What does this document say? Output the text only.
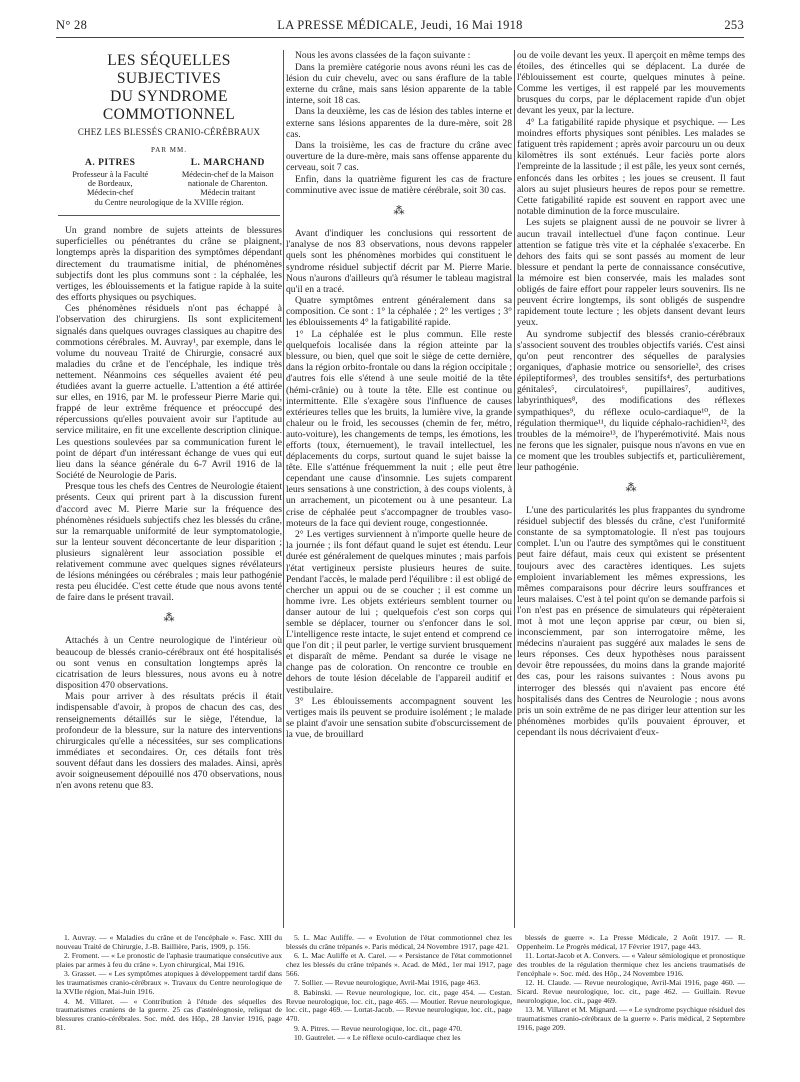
N° 28	LA PRESSE MÉDICALE, Jeudi, 16 Mai 1918	253
LES SÉQUELLES SUBJECTIVES
DU SYNDROME COMMOTIONNEL
CHEZ LES BLESSÉS CRANIO-CÉRÉBRAUX
PAR MM.
A. PITRES
Professeur à la Faculté
de Bordeaux,
Médecin-chef
L. MARCHAND
Médecin-chef de la Maison
nationale de Charenton.
Médecin traitant
du Centre neurologique de la XVIIIe région.

Un grand nombre de sujets atteints de blessures superficielles ou pénétrantes du crâne se plaignent, longtemps après la disparition des symptômes dépendant directement du traumatisme initial, de phénomènes subjectifs dont les plus communs sont : la céphalée, les vertiges, les éblouissements et la fatigue rapide à la suite des efforts physiques ou psychiques.

Ces phénomènes résiduels n'ont pas échappé à l'observation des chirurgiens. Ils sont explicitement signalés dans quelques ouvrages classiques au chapitre des commotions cérébrales. M. Auvray¹, par exemple, dans le volume du nouveau Traité de Chirurgie, consacré aux maladies du crâne et de l'encéphale, les indique très nettement. Néanmoins ces séquelles avaient été peu étudiées avant la guerre actuelle. L'attention a été attirée sur elles, en 1916, par M. le professeur Pierre Marie qui, frappé de leur extrême fréquence et préoccupé des répercussions qu'elles pouvaient avoir sur l'aptitude au service militaire, en fit une excellente description clinique. Les questions soulevées par sa communication furent le point de départ d'un intéressant échange de vues qui eut lieu dans la séance générale du 6-7 Avril 1916 de la Société de Neurologie de Paris.

Presque tous les chefs des Centres de Neurologie étaient présents. Ceux qui prirent part à la discussion furent d'accord avec M. Pierre Marie sur la fréquence des phénomènes résiduels subjectifs chez les blessés du crâne, sur la remarquable uniformité de leur symptomatologie, sur la lenteur souvent déconcertante de leur disparition ; plusieurs signalèrent leur association possible et relativement commune avec quelques signes révélateurs de lésions méningées ou cérébrales ; mais leur pathogénie resta peu élucidée. C'est cette étude que nous avons tenté de faire dans le présent travail.

⁂

Attachés à un Centre neurologique de l'intérieur où beaucoup de blessés cranio-cérébraux ont été hospitalisés ou sont venus en consultation longtemps après la cicatrisation de leurs blessures, nous avons eu à notre disposition 470 observations.

Mais pour arriver à des résultats précis il était indispensable d'avoir, à propos de chacun des cas, des renseignements détaillés sur le siège, l'étendue, la profondeur de la blessure, sur la nature des interventions chirurgicales qu'elle a nécessitées, sur ses complications immédiates et secondaires. Or, ces détails font très souvent défaut dans les dossiers des malades. Ainsi, après avoir soigneusement dépouillé nos 470 observations, nous n'en avons retenu que 83.

Nous les avons classées de la façon suivante :

Dans la première catégorie nous avons réuni les cas de lésion du cuir chevelu, avec ou sans éraflure de la table externe du crâne, mais sans lésion apparente de la table interne, soit 18 cas.

Dans la deuxième, les cas de lésion des tables interne et externe sans lésions apparentes de la dure-mère, soit 28 cas.

Dans la troisième, les cas de fracture du crâne avec ouverture de la dure-mère, mais sans offense apparente du cerveau, soit 7 cas.

Enfin, dans la quatrième figurent les cas de fracture comminutive avec issue de matière cérébrale, soit 30 cas.

⁂

Avant d'indiquer les conclusions qui ressortent de l'analyse de nos 83 observations, nous devons rappeler quels sont les phénomènes morbides qui constituent le syndrome résiduel subjectif décrit par M. Pierre Marie. Nous n'aurons d'ailleurs qu'à résumer le tableau magistral qu'il en a tracé.

Quatre symptômes entrent généralement dans sa composition. Ce sont : 1° la céphalée ; 2° les vertiges ; 3° les éblouissements 4° la fatigabilité rapide.

1° La céphalée est le plus commun. Elle reste quelquefois localisée dans la région atteinte par la blessure, ou bien, quel que soit le siège de cette dernière, dans la région orbito-frontale ou dans la région occipitale ; d'autres fois elle s'étend à une seule moitié de la tête (hémi-crânie) ou à toute la tête. Elle est continue ou intermittente. Elle s'exagère sous l'influence de causes extérieures telles que les bruits, la lumière vive, la grande chaleur ou le froid, les secousses (chemin de fer, métro, auto-voiture), les changements de temps, les émotions, les efforts (toux, éternuement), le travail intellectuel, les déplacements du corps, surtout quand le sujet baisse la tête. Elle s'atténue fréquemment la nuit ; elle peut être cependant une cause d'insomnie. Les sujets comparent leurs sensations à une constriction, à des coups violents, à un arrachement, un picotement ou à une pesanteur. La crise de céphalée peut s'accompagner de troubles vaso-moteurs de la face qui devient rouge, congestionnée.

2° Les vertiges surviennent à n'importe quelle heure de la journée ; ils font défaut quand le sujet est étendu. Leur durée est généralement de quelques minutes ; mais parfois l'état vertigineux persiste plusieurs heures de suite. Pendant l'accès, le malade perd l'équilibre : il est obligé de chercher un appui ou de se coucher ; il est comme un homme ivre. Les objets extérieurs semblent tourner ou danser autour de lui ; quelquefois c'est son corps qui semble se déplacer, tourner ou s'enfoncer dans le sol. L'intelligence reste intacte, le sujet entend et comprend ce que l'on dit ; il peut parler, le vertige survient brusquement et disparaît de même. Pendant sa durée le visage ne change pas de coloration. On rencontre ce trouble en dehors de toute lésion décelable de l'appareil auditif et vestibulaire.

3° Les éblouissements accompagnent souvent les vertiges mais ils peuvent se produire isolément ; le malade se plaint d'avoir une sensation subite d'obscurcissement de la vue, de brouillard

ou de voile devant les yeux. Il aperçoit en même temps des étoiles, des étincelles qui se déplacent. La durée de l'éblouissement est courte, quelques minutes à peine. Comme les vertiges, il est rappelé par les mouvements brusques du corps, par le déplacement rapide d'un objet devant les yeux, par la lecture.

4° La fatigabilité rapide physique et psychique. — Les moindres efforts physiques sont pénibles. Les malades se fatiguent très rapidement ; après avoir parcouru un ou deux kilomètres ils sont exténués. Leur faciès porte alors l'empreinte de la lassitude ; il est pâle, les yeux sont cernés, enfoncés dans les orbites ; les joues se creusent. Il faut alors au sujet plusieurs heures de repos pour se remettre. Cette fatigabilité rapide est souvent en rapport avec une notable diminution de la force musculaire.

Les sujets se plaignent aussi de ne pouvoir se livrer à aucun travail intellectuel d'une façon continue. Leur attention se fatigue très vite et la céphalée s'exacerbe. En dehors des faits qui se sont passés au moment de leur blessure et pendant la perte de connaissance consécutive, la mémoire est bien conservée, mais les malades sont obligés de faire effort pour rappeler leurs souvenirs. Ils ne peuvent écrire longtemps, ils sont obligés de suspendre rapidement toute lecture ; les objets dansent devant leurs yeux.

Au syndrome subjectif des blessés cranio-cérébraux s'associent souvent des troubles objectifs variés. C'est ainsi qu'on peut rencontrer des séquelles de paralysies organiques, d'aphasie motrice ou sensorielle², des crises épileptiformes³, des troubles sensitifs⁴, des perturbations génitales⁵, circulatoires⁶, pupillaires⁷, auditives, labyrinthiques⁸, des modifications des réflexes sympathiques⁹, du réflexe oculo-cardiaque¹⁰, de la régulation thermique¹¹, du liquide céphalo-rachidien¹², des troubles de la mémoire¹³, de l'hyperémotivité. Mais nous ne ferons que les signaler, puisque nous n'avons en vue en ce moment que les troubles subjectifs et, particulièrement, leur pathogénie.

⁂

L'une des particularités les plus frappantes du syndrome résiduel subjectif des blessés du crâne, c'est l'uniformité constante de sa symptomatologie. Il n'est pas toujours complet. L'un ou l'autre des symptômes qui le constituent peut faire défaut, mais ceux qui existent se présentent toujours avec des caractères identiques. Les sujets emploient invariablement les mêmes expressions, les mêmes comparaisons pour décrire leurs souffrances et leurs malaises. C'est à tel point qu'on se demande parfois si l'on n'est pas en présence de simulateurs qui répèteraient mot à mot une leçon apprise par cœur, ou bien si, inconsciemment, par son interrogatoire même, les médecins n'auraient pas suggéré aux malades le sens de leurs réponses. Ces deux hypothèses nous paraissent devoir être repoussées, du moins dans la grande majorité des cas, pour les raisons suivantes : Nous avons pu interroger des blessés qui n'avaient pas encore été hospitalisés dans des Centres de Neurologie ; nous avons pris un soin extrême de ne pas diriger leur attention sur les phénomènes morbides qu'ils pouvaient éprouver, et cependant ils nous décrivaient d'eux-

1. Auvray. — « Maladies du crâne et de l'encéphale ». Fasc. XIII du nouveau Traité de Chirurgie, J.-B. Baillière, Paris, 1909, p. 156.

2. Froment. — « Le pronostic de l'aphasie traumatique consécutive aux plaies par armes à feu du crâne ». Lyon chirurgical, Mai 1916.

3. Grasset. — « Les symptômes atopiques à développement tardif dans les traumatismes cranio-cérébraux ». Travaux du Centre neurologique de la XVIIe région, Mai-Juin 1916.

4. M. Villaret. — « Contribution à l'étude des séquelles des traumatismes craniens de la guerre. 25 cas d'astéréognosie, reliquat de blessures cranio-cérébrales. Soc. méd. des Hôp., 28 Janvier 1916, page 81.

5. L. Mac Auliffe. — « Evolution de l'état commotionnel chez les blessés du crâne trépanés ». Paris médical, 24 Novembre 1917, page 421.

6. L. Mac Auliffe et A. Carel. — « Persistance de l'état commotionnel chez les blessés du crâne trépanés ». Acad. de Méd., 1er mai 1917, page 566.

7. Sollier. — Revue neurologique, Avril-Mai 1916, page 463.

8. Babinski. — Revue neurologique, loc. cit., page 454. — Cestan. Revue neurologique, loc. cit., page 465. — Moutier. Revue neurologique, loc. cit., page 469. — Lortat-Jacob. — Revue neurologique, loc. cit., page 470.

9. A. Pitres. — Revue neurologique, loc. cit., page 470.

10. Gautrelet. — « Le réflexe oculo-cardiaque chez les

blessés de guerre ». La Presse Médicale, 2 Août 1917. — R. Oppenheim. Le Progrès médical, 17 Février 1917, page 443.

11. Lortat-Jacob et A. Convers. — « Valeur sémiologique et pronostique des troubles de la régulation thermique chez les anciens traumatisés de l'encéphale ». Soc. méd. des Hôp., 24 Novembre 1916.

12. H. Claude. — Revue neurologique, Avril-Mai 1916, page 460. — Sicard. Revue neurologique, loc. cit., page 462. — Guillain. Revue neurologique, loc. cit., page 469.

13. M. Villaret et M. Mignard. — « Le syndrome psychique résiduel des traumatismes cranio-cérébraux de la guerre ». Paris médical, 2 Septembre 1916, page 209.
